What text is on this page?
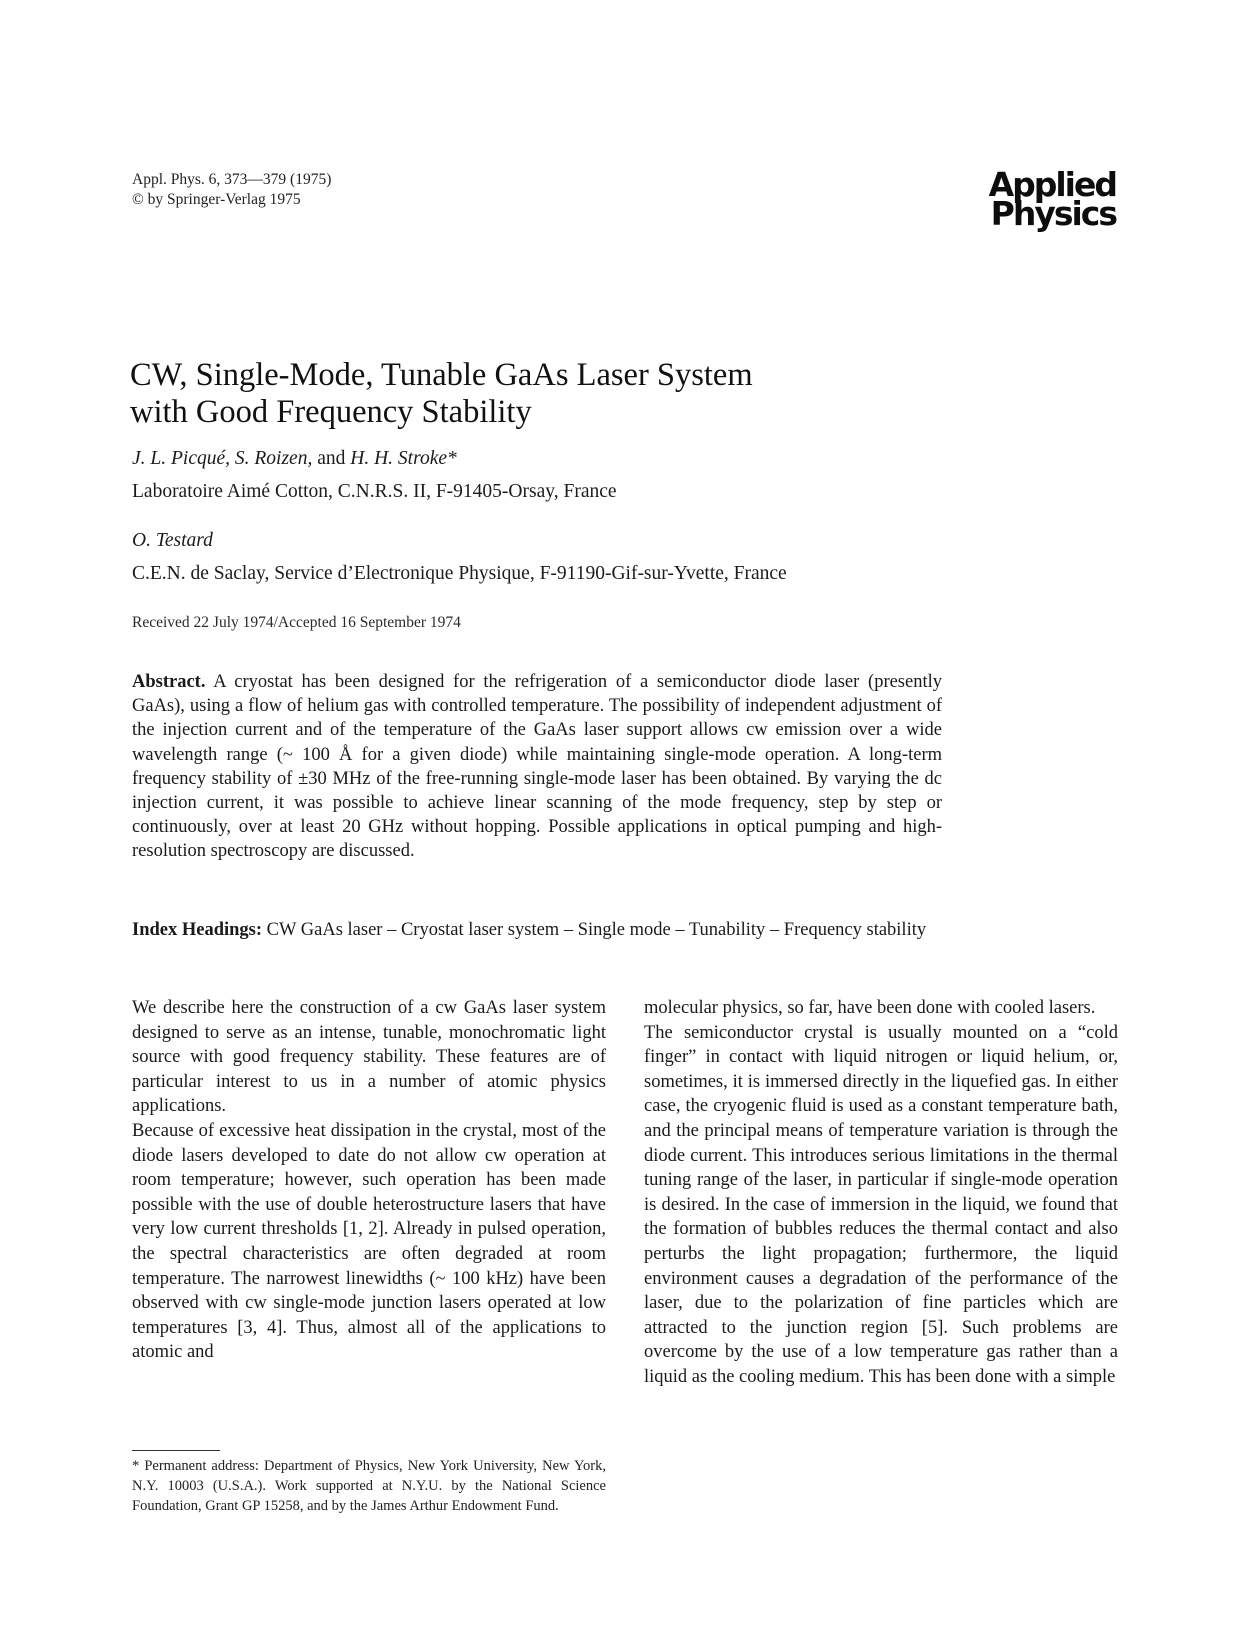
Appl. Phys. 6, 373—379 (1975)
© by Springer-Verlag 1975	Applied
Physics
CW, Single-Mode, Tunable GaAs Laser System
with Good Frequency Stability
J. L. Picqué, S. Roizen, and H. H. Stroke*
Laboratoire Aimé Cotton, C.N.R.S. II, F-91405-Orsay, France
O. Testard
C.E.N. de Saclay, Service d’Electronique Physique, F-91190-Gif-sur-Yvette, France
Received 22 July 1974/Accepted 16 September 1974
Abstract. A cryostat has been designed for the refrigeration of a semiconductor diode laser (presently GaAs), using a flow of helium gas with controlled temperature. The possibility of independent adjustment of the injection current and of the temperature of the GaAs laser support allows cw emission over a wide wavelength range (~ 100 Å for a given diode) while maintaining single-mode operation. A long-term frequency stability of ±30 MHz of the free-running single-mode laser has been obtained. By varying the dc injection current, it was possible to achieve linear scanning of the mode frequency, step by step or continuously, over at least 20 GHz without hopping. Possible applications in optical pumping and high-resolution spectroscopy are discussed.
Index Headings: CW GaAs laser – Cryostat laser system – Single mode – Tunability – Frequency stability

We describe here the construction of a cw GaAs laser system designed to serve as an intense, tunable, monochromatic light source with good frequency stability. These features are of particular interest to us in a number of atomic physics applications.

Because of excessive heat dissipation in the crystal, most of the diode lasers developed to date do not allow cw operation at room temperature; however, such operation has been made possible with the use of double heterostructure lasers that have very low current thresholds [1, 2]. Already in pulsed operation, the spectral characteristics are often degraded at room temperature. The narrowest linewidths (~ 100 kHz) have been observed with cw single-mode junction lasers operated at low temperatures [3, 4]. Thus, almost all of the applications to atomic and

molecular physics, so far, have been done with cooled lasers.

The semiconductor crystal is usually mounted on a “cold finger” in contact with liquid nitrogen or liquid helium, or, sometimes, it is immersed directly in the liquefied gas. In either case, the cryogenic fluid is used as a constant temperature bath, and the principal means of temperature variation is through the diode current. This introduces serious limitations in the thermal tuning range of the laser, in particular if single-mode operation is desired. In the case of immersion in the liquid, we found that the formation of bubbles reduces the thermal contact and also perturbs the light propagation; furthermore, the liquid environment causes a degradation of the performance of the laser, due to the polarization of fine particles which are attracted to the junction region [5]. Such problems are overcome by the use of a low temperature gas rather than a liquid as the cooling medium. This has been done with a simple

* Permanent address: Department of Physics, New York University, New York, N.Y. 10003 (U.S.A.). Work supported at N.Y.U. by the National Science Foundation, Grant GP 15258, and by the James Arthur Endowment Fund.
